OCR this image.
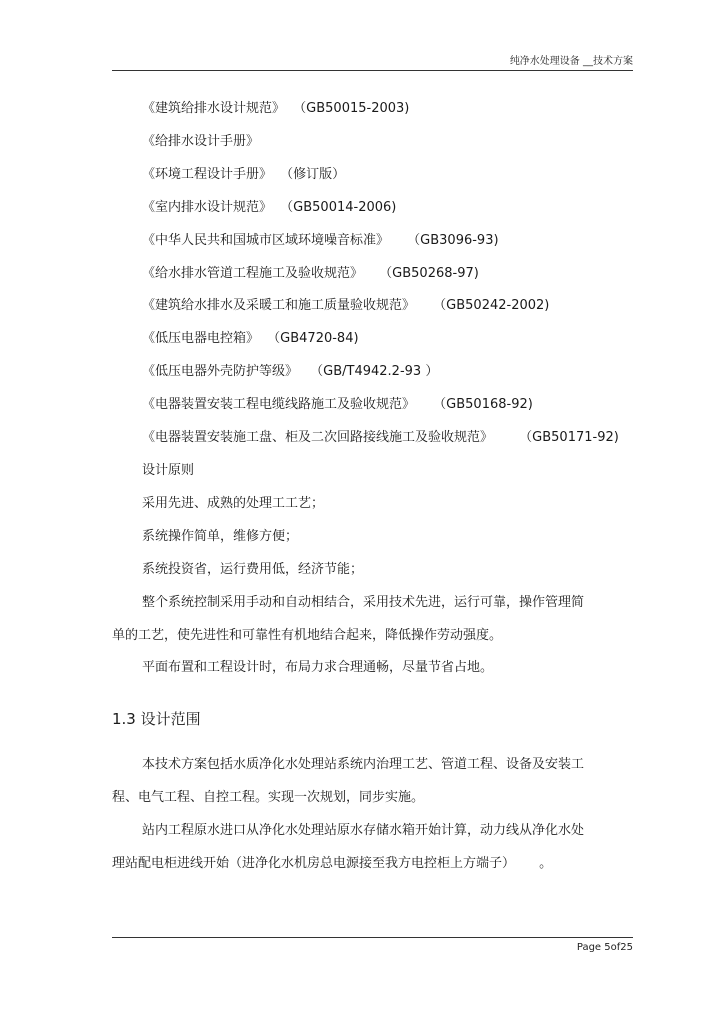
纯净水处理设备 __技术方案
《建筑给排水设计规范》 （GB50015-2003)
《给排水设计手册》
《环境工程设计手册》 （修订版）
《室内排水设计规范》 （GB50014-2006)
《中华人民共和国城市区域环境噪音标准》 （GB3096-93)
《给水排水管道工程施工及验收规范》 （GB50268-97)
《建筑给水排水及采暖工和施工质量验收规范》 （GB50242-2002)
《低压电器电控箱》 （GB4720-84)
《低压电器外壳防护等级》 （GB/T4942.2-93 ）
《电器装置安装工程电缆线路施工及验收规范》 （GB50168-92)
《电器装置安装施工盘、柜及二次回路接线施工及验收规范》 （GB50171-92)
设计原则
采用先进、成熟的处理工工艺；
系统操作简单，维修方便；
系统投资省，运行费用低，经济节能；
整个系统控制采用手动和自动相结合，采用技术先进，运行可靠，操作管理简
单的工艺，使先进性和可靠性有机地结合起来，降低操作劳动强度。
平面布置和工程设计时，布局力求合理通畅，尽量节省占地。
1.3 设计范围
本技术方案包括水质净化水处理站系统内治理工艺、管道工程、设备及安装工
程、电气工程、自控工程。实现一次规划，同步实施。
站内工程原水进口从净化水处理站原水存储水箱开始计算，动力线从净化水处
理站配电柜进线开始（进净化水机房总电源接至我方电控柜上方端子） 。
Page 5of25
